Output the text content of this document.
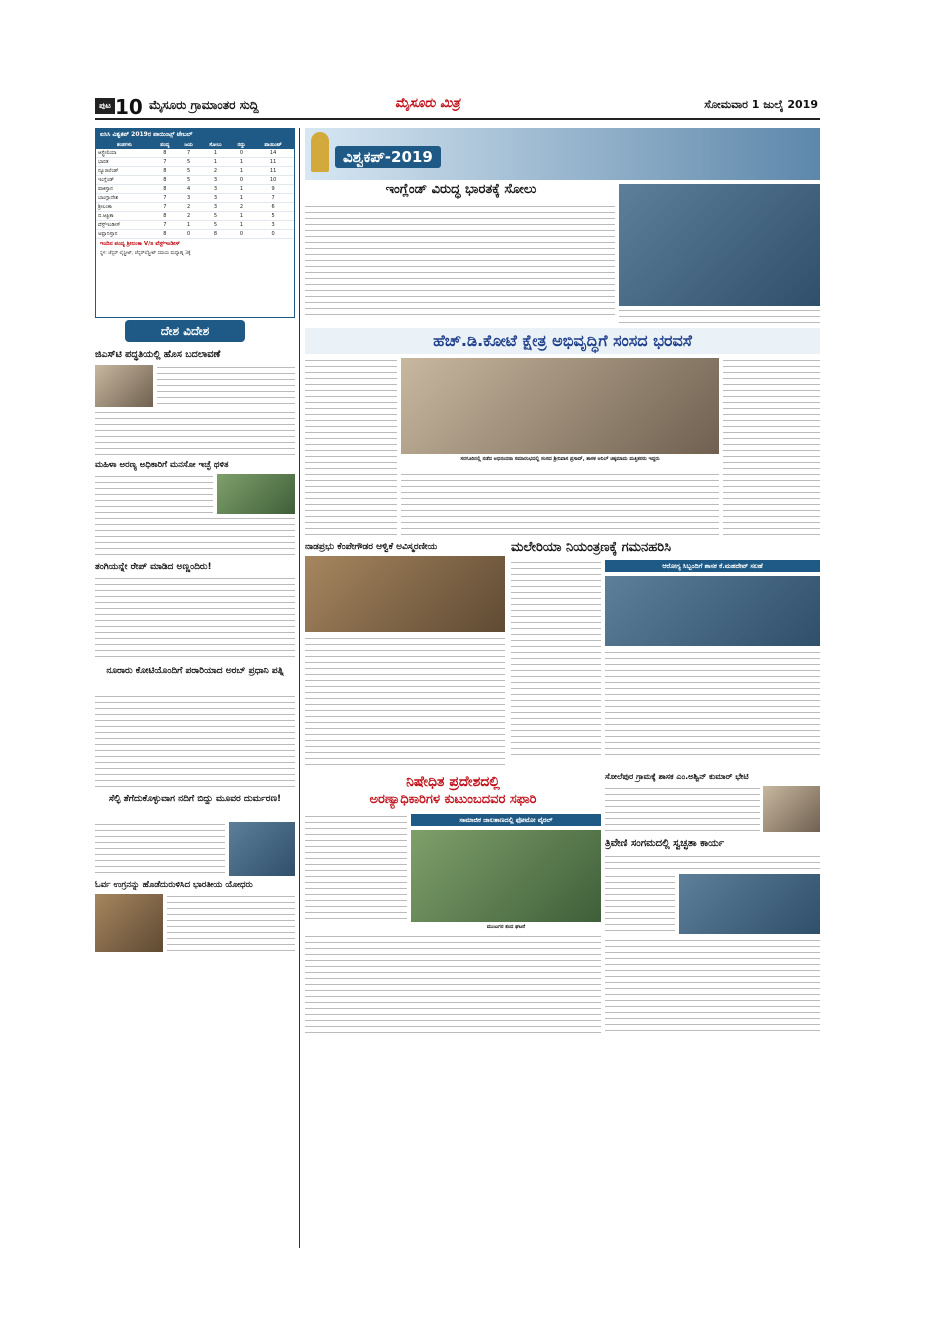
ಪುಟ 10 ಮೈಸೂರು ಗ್ರಾಮಾಂತರ ಸುದ್ದಿ	ಮೈಸೂರು ಮಿತ್ರ	ಸೋಮವಾರ 1 ಜುಲೈ 2019
ಐಸಿಸಿ ವಿಶ್ವಕಪ್ 2019ರ ಪಾಯಿಂಟ್ಸ್ ಟೇಬಲ್
ತಂಡಗಳು	ಪಂದ್ಯ	ಜಯ	ಸೋಲು	ರದ್ದು	ಪಾಯಿಂಟ್
ಆಸ್ಟ್ರೇಲಿಯಾ	8	7	1	0	14
ಭಾರತ	7	5	1	1	11
ನ್ಯೂಜಿಲೆಂಡ್	8	5	2	1	11
ಇಂಗ್ಲೆಂಡ್	8	5	3	0	10
ಪಾಕಿಸ್ತಾನ	8	4	3	1	9
ಬಾಂಗ್ಲಾದೇಶ	7	3	3	1	7
ಶ್ರೀಲಂಕಾ	7	2	3	2	6
ದ.ಆಫ್ರಿಕಾ	8	2	5	1	5
ವೆಸ್ಟ್‌ಇಂಡೀಸ್	7	1	5	1	3
ಅಫ್ಘಾನಿಸ್ತಾನ	8	0	8	0	0
ಇಂದಿನ ಪಂದ್ಯ ಶ್ರೀಲಂಕಾ V/s ವೆಸ್ಟ್‌ಇಂಡೀಸ್
ಸ್ಥಳ: ಚೆಸ್ಟರ್ ಲೈಸ್ಟ್ರೀಟ್, ಚೆಸ್ಟರ್‌ಲೆಸ್ಟ್ರೀಟ್ ಸಮಯ ಮಧ್ಯಾಹ್ನ 3ಕ್ಕೆ
ದೇಶ ವಿದೇಶ
ಜಿಎಸ್‌ಟಿ ಪದ್ಧತಿಯಲ್ಲಿ ಹೊಸ ಬದಲಾವಣೆ
ಮಹಿಳಾ ಅರಣ್ಯ ಅಧಿಕಾರಿಗೆ ಮನಸೋ ಇಚ್ಛೆ ಥಳಿತ
ತಂಗಿಯನ್ನೇ ರೇಪ್ ಮಾಡಿದ ಅಣ್ಣಂದಿರು!
ನೂರಾರು ಕೋಟಿಯೊಂದಿಗೆ ಪರಾರಿಯಾದ ಅರಬ್ ಪ್ರಧಾನಿ ಪತ್ನಿ
ಸೆಲ್ಫಿ ತೆಗೆದುಕೊಳ್ಳುವಾಗ ನದಿಗೆ ಬಿದ್ದು ಮೂವರ ದುರ್ಮರಣ!
ಓರ್ವ ಉಗ್ರನನ್ನು ಹೊಡೆದುರುಳಿಸಿದ ಭಾರತೀಯ ಯೋಧರು
ವಿಶ್ವಕಪ್-2019
ಇಂಗ್ಲೆಂಡ್ ವಿರುದ್ಧ ಭಾರತಕ್ಕೆ ಸೋಲು
ಹೆಚ್.ಡಿ.ಕೋಟೆ ಕ್ಷೇತ್ರ ಅಭಿವೃದ್ಧಿಗೆ ಸಂಸದ ಭರವಸೆ
ಸರಗೂರಿನಲ್ಲಿ ನಡೆದ ಅಭಿನಂದನಾ ಸಮಾರಂಭದಲ್ಲಿ ಸಂಸದ ಶ್ರೀನಿವಾಸ ಪ್ರಸಾದ್, ಶಾಸಕ ಅನಿಲ್ ಚಿಕ್ಕಮಾದು ಮತ್ತಿತರರು ಇದ್ದರು
ನಾಡಪ್ರಭು ಕೆಂಪೇಗೌಡರ ಆಳ್ವಿಕೆ ಅವಿಸ್ಮರಣೀಯ	ಮಲೇರಿಯಾ ನಿಯಂತ್ರಣಕ್ಕೆ ಗಮನಹರಿಸಿ
ಆರೋಗ್ಯ ಸಿಬ್ಬಂದಿಗೆ ಶಾಸಕ ಕೆ.ಮಹದೇವ್ ಸಲಹೆ
ನಿಷೇಧಿತ ಪ್ರದೇಶದಲ್ಲಿ
ಅರಣ್ಯಾಧಿಕಾರಿಗಳ ಕುಟುಂಬದವರ ಸಫಾರಿ
ಸಾಮಾಜಿಕ ಜಾಲತಾಣದಲ್ಲಿ ಫೋಟೋ ವೈರಲ್
ಮುಜುಗರ ತಂದ ಘಟನೆ
ಸೋಲೆಪುರ ಗ್ರಾಮಕ್ಕೆ ಶಾಸಕ ಎಂ.ಅಶ್ವಿನ್ ಕುಮಾರ್ ಭೇಟಿ
ತ್ರಿವೇಣಿ ಸಂಗಮದಲ್ಲಿ ಸ್ವಚ್ಛತಾ ಕಾರ್ಯ
